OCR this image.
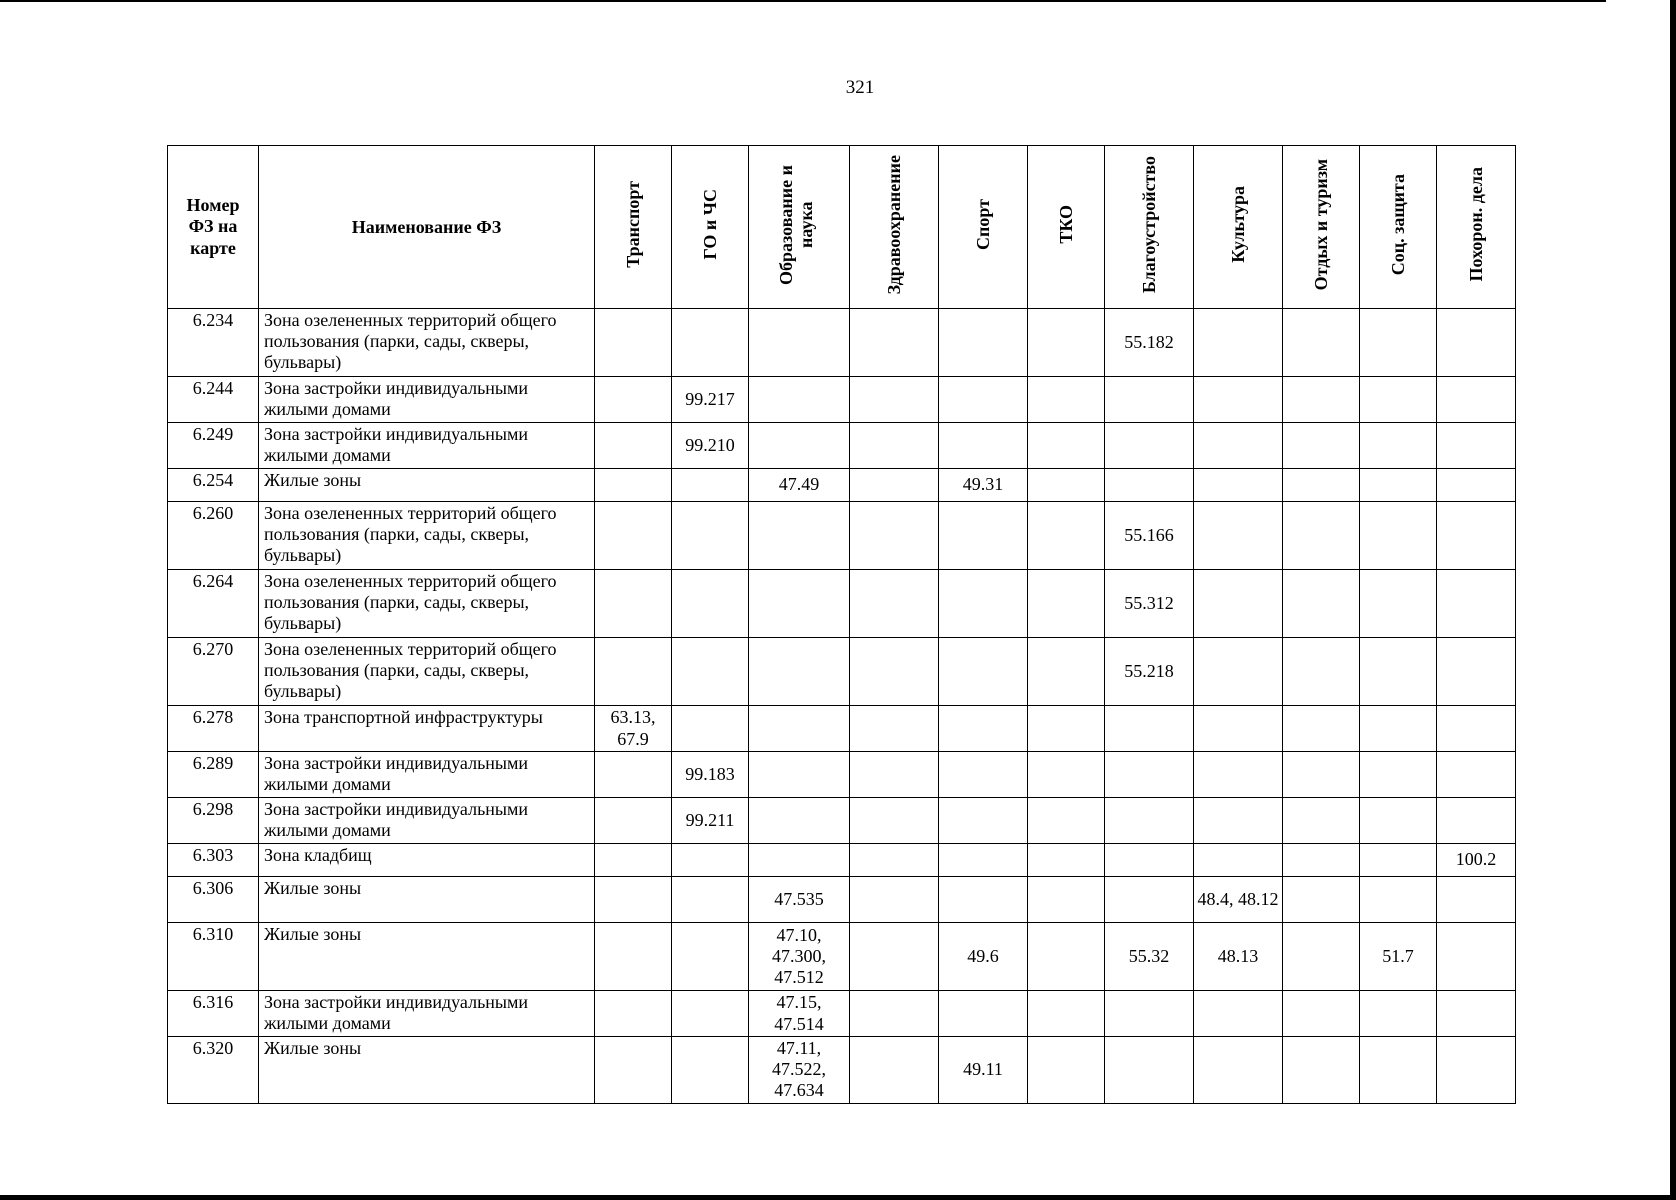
321
Номер ФЗ на карте	Наименование ФЗ	Транспорт	ГО и ЧС	Образование и наука	Здравоохранение	Спорт	ТКО	Благоустройство	Культура	Отдых и туризм	Соц. защита	Похорон. дела
6.234	Зона озелененных территорий общего пользования (парки, сады, скверы, бульвары)							55.182				
6.244	Зона застройки индивидуальными жилыми домами		99.217									
6.249	Зона застройки индивидуальными жилыми домами		99.210									
6.254	Жилые зоны			47.49		49.31						
6.260	Зона озелененных территорий общего пользования (парки, сады, скверы, бульвары)							55.166				
6.264	Зона озелененных территорий общего пользования (парки, сады, скверы, бульвары)							55.312				
6.270	Зона озелененных территорий общего пользования (парки, сады, скверы, бульвары)							55.218				
6.278	Зона транспортной инфраструктуры	63.13, 67.9										
6.289	Зона застройки индивидуальными жилыми домами		99.183									
6.298	Зона застройки индивидуальными жилыми домами		99.211									
6.303	Зона кладбищ											100.2
6.306	Жилые зоны			47.535					48.4, 48.12			
6.310	Жилые зоны			47.10, 47.300, 47.512		49.6		55.32	48.13		51.7	
6.316	Зона застройки индивидуальными жилыми домами			47.15, 47.514								
6.320	Жилые зоны			47.11, 47.522, 47.634		49.11						
